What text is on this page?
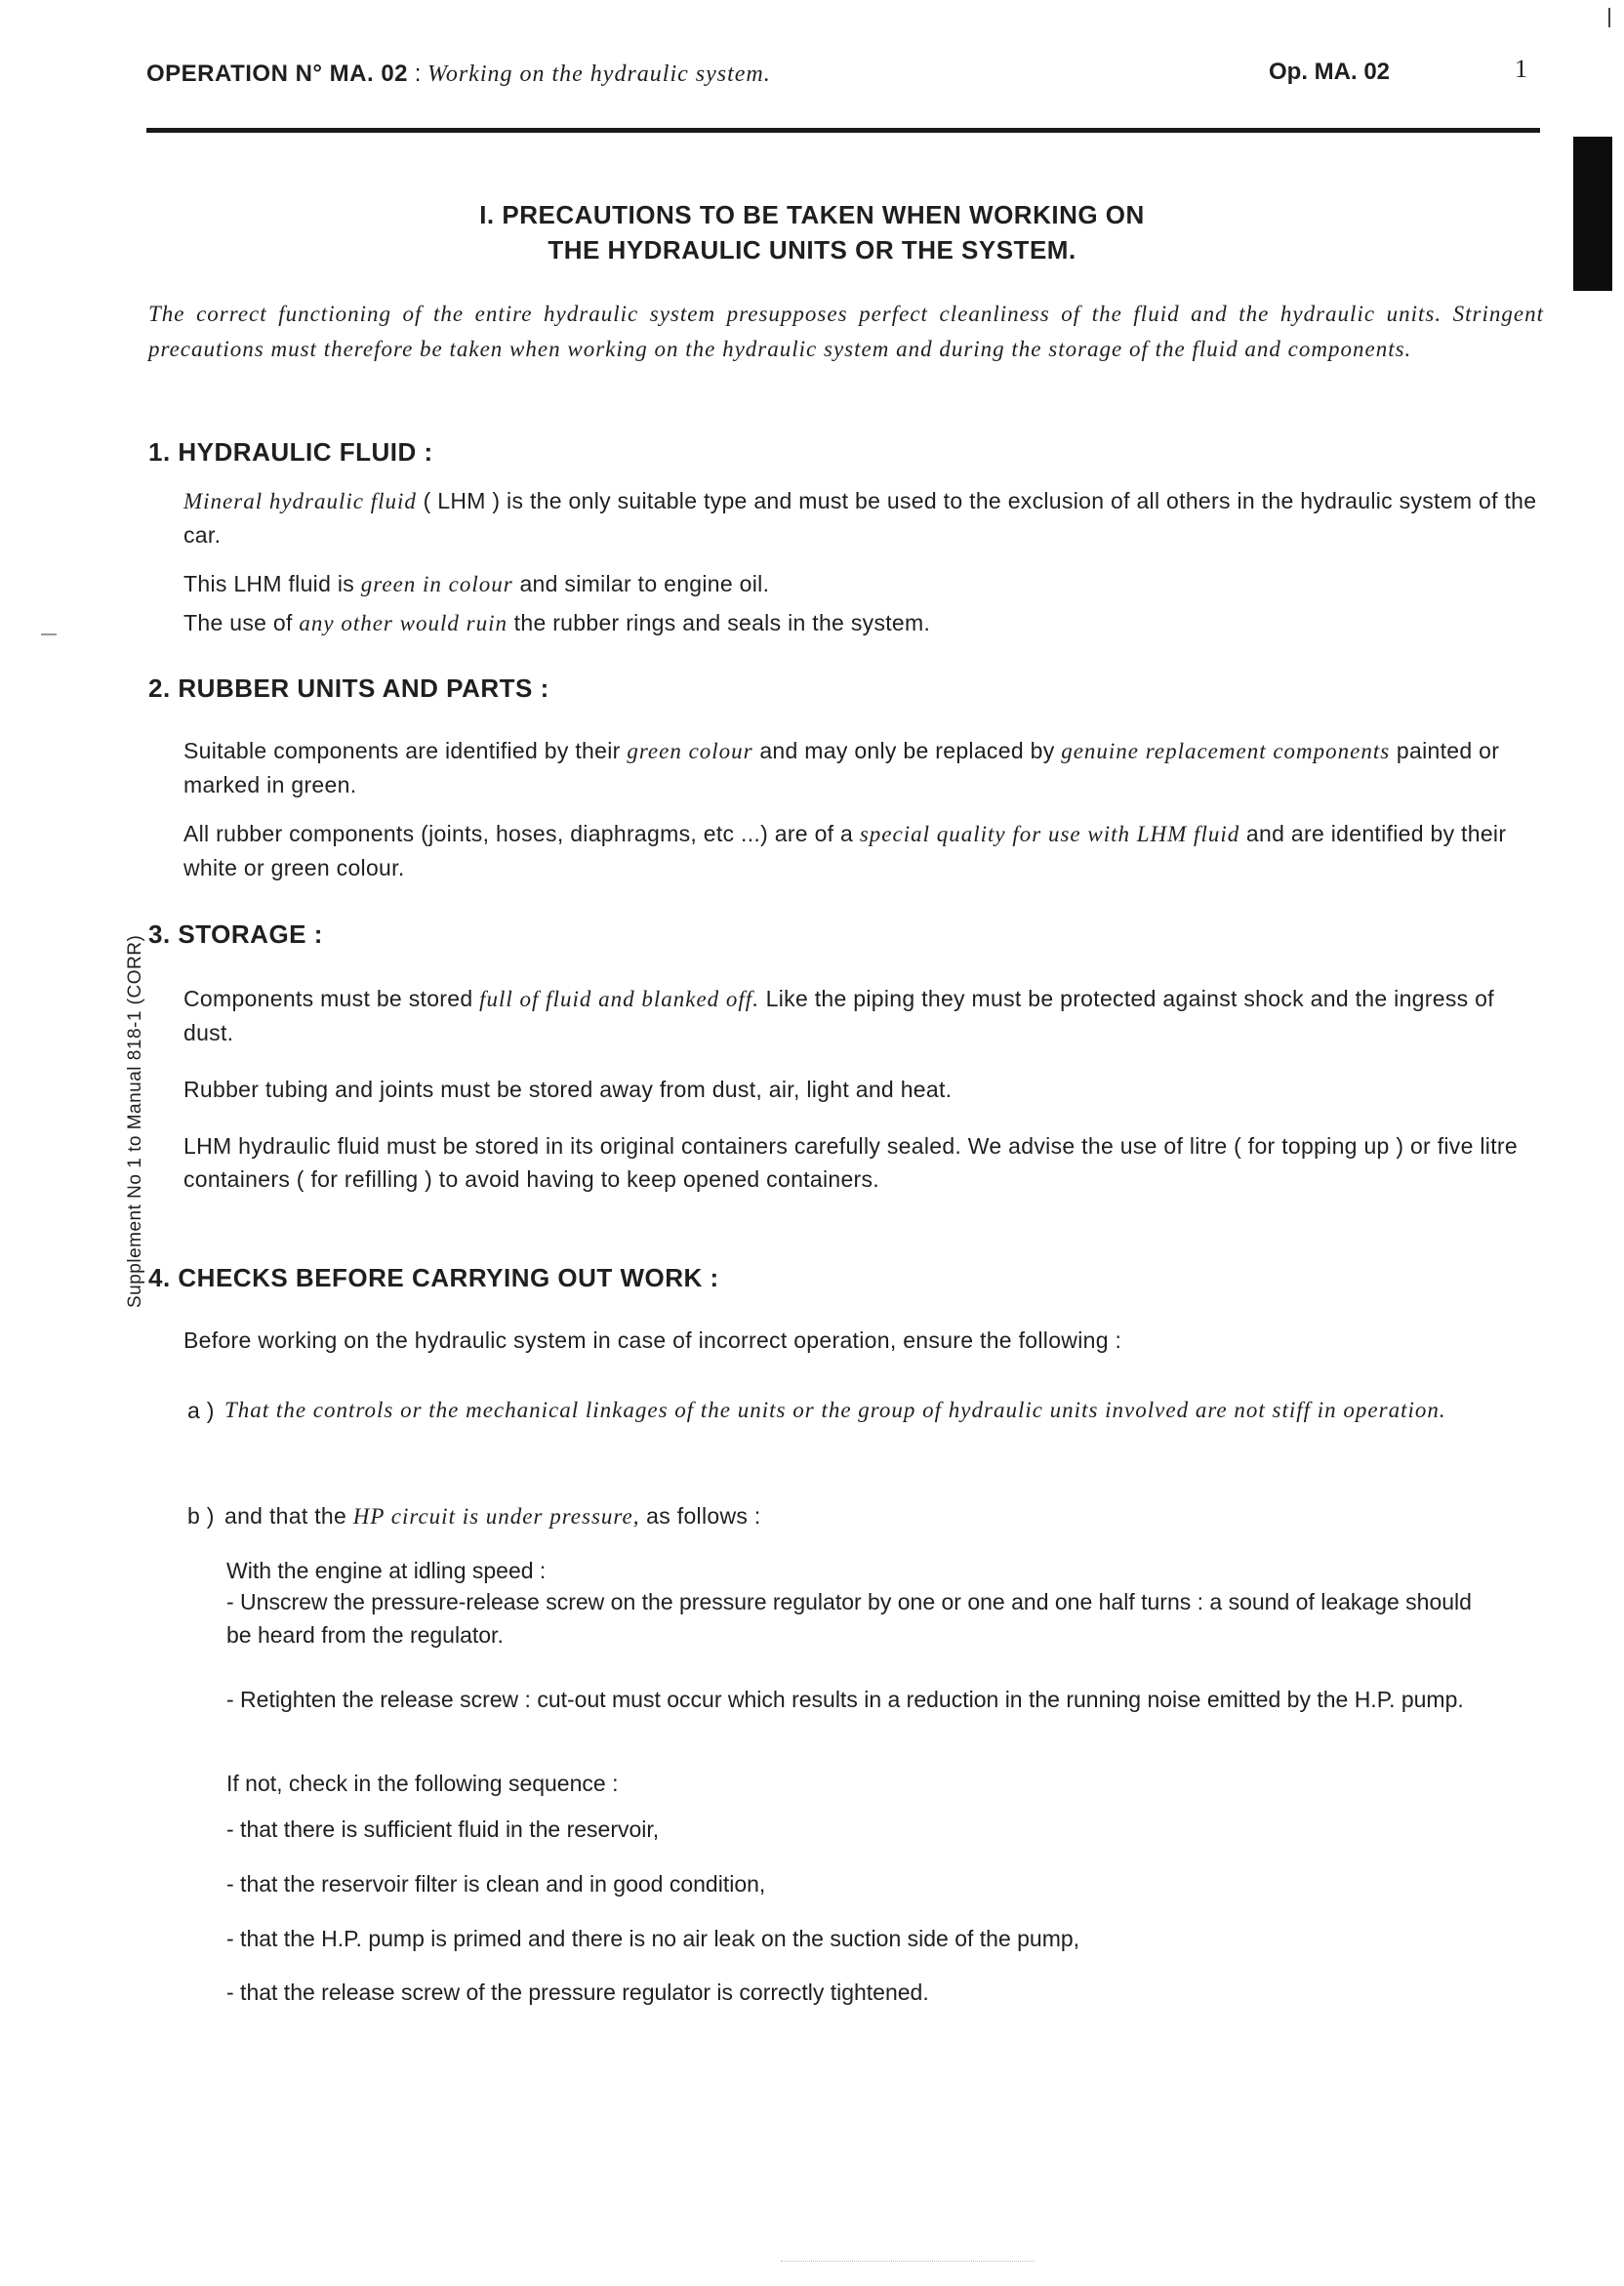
OPERATION N° MA. 02 : Working on the hydraulic system.	Op. MA. 02	1
Supplement No 1 to Manual 818-1 (CORR)
I. PRECAUTIONS TO BE TAKEN WHEN WORKING ON
THE HYDRAULIC UNITS OR THE SYSTEM.
The correct functioning of the entire hydraulic system presupposes perfect cleanliness of the fluid and the hydraulic units. Stringent precautions must therefore be taken when working on the hydraulic system and during the storage of the fluid and components.
1. HYDRAULIC FLUID :
Mineral hydraulic fluid ( LHM ) is the only suitable type and must be used to the exclusion of all others in the hydraulic system of the car.
This LHM fluid is green in colour and similar to engine oil.
The use of any other would ruin the rubber rings and seals in the system.
2. RUBBER UNITS AND PARTS :
Suitable components are identified by their green colour and may only be replaced by genuine replacement components painted or marked in green.
All rubber components (joints, hoses, diaphragms, etc ...) are of a special quality for use with LHM fluid and are identified by their white or green colour.
3. STORAGE :
Components must be stored full of fluid and blanked off. Like the piping they must be protected against shock and the ingress of dust.
Rubber tubing and joints must be stored away from dust, air, light and heat.
LHM hydraulic fluid must be stored in its original containers carefully sealed. We advise the use of litre ( for topping up ) or five litre containers ( for refilling ) to avoid having to keep opened containers.
4. CHECKS BEFORE CARRYING OUT WORK :
Before working on the hydraulic system in case of incorrect operation, ensure the following :
a ) That the controls or the mechanical linkages of the units or the group of hydraulic units involved are not stiff in operation.
b ) and that the HP circuit is under pressure, as follows :
With the engine at idling speed :
- Unscrew the pressure-release screw on the pressure regulator by one or one and one half turns : a sound of leakage should be heard from the regulator.
- Retighten the release screw : cut-out must occur which results in a reduction in the running noise emitted by the H.P. pump.
If not, check in the following sequence :
- that there is sufficient fluid in the reservoir,
- that the reservoir filter is clean and in good condition,
- that the H.P. pump is primed and there is no air leak on the suction side of the pump,
- that the release screw of the pressure regulator is correctly tightened.
